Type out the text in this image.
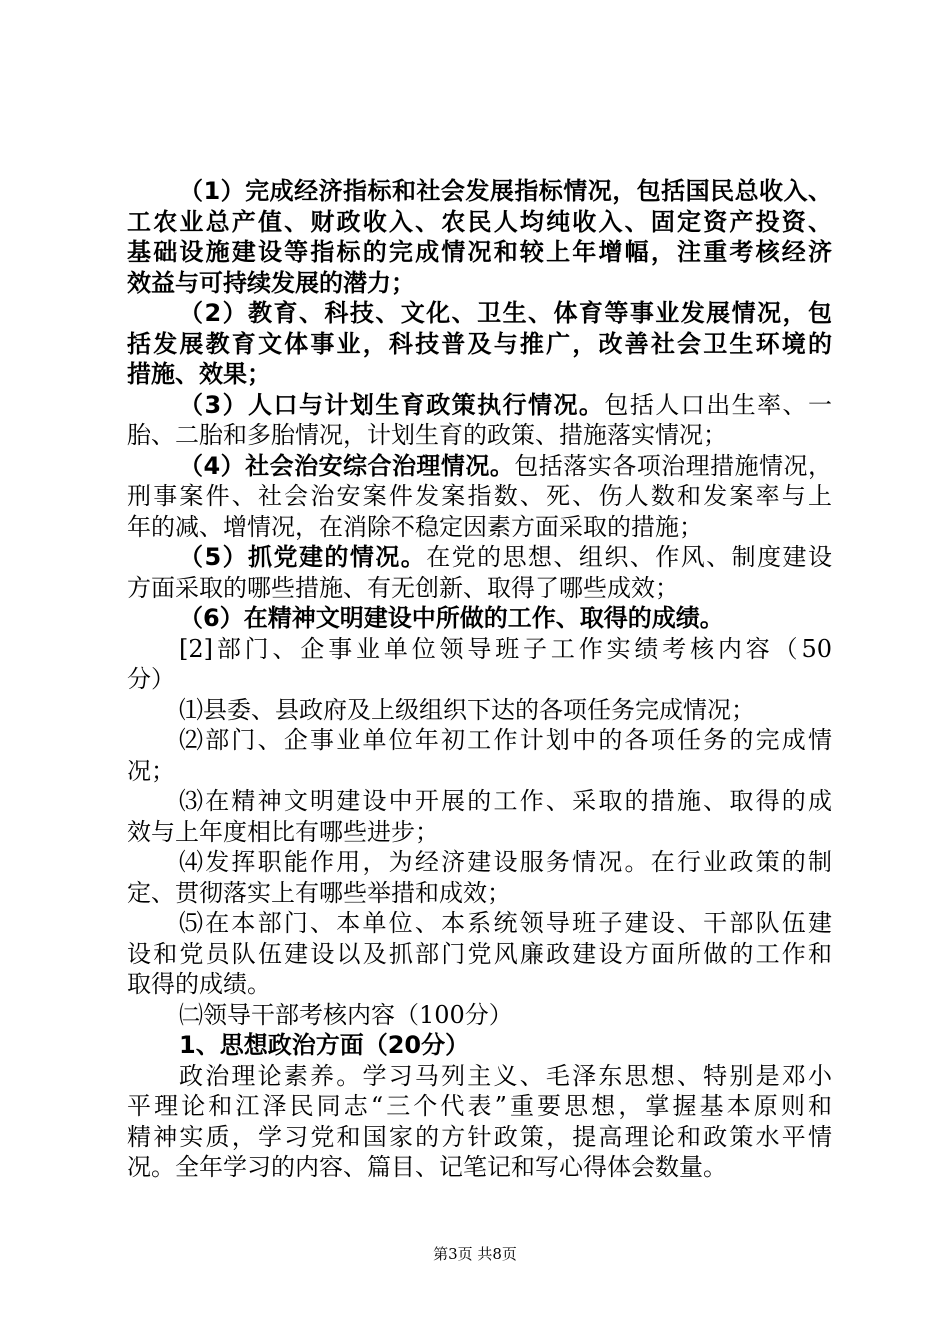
（1）完成经济指标和社会发展指标情况，包括国民总收入、
工农业总产值、财政收入、农民人均纯收入、固定资产投资、
基础设施建设等指标的完成情况和较上年增幅，注重考核经济
效益与可持续发展的潜力；
（2）教育、科技、文化、卫生、体育等事业发展情况，包
括发展教育文体事业，科技普及与推广，改善社会卫生环境的
措施、效果；
（3）人口与计划生育政策执行情况。包括人口出生率、一
胎、二胎和多胎情况，计划生育的政策、措施落实情况；
（4）社会治安综合治理情况。包括落实各项治理措施情况，
刑事案件、社会治安案件发案指数、死、伤人数和发案率与上
年的减、增情况，在消除不稳定因素方面采取的措施；
（5）抓党建的情况。在党的思想、组织、作风、制度建设
方面采取的哪些措施、有无创新、取得了哪些成效；
（6）在精神文明建设中所做的工作、取得的成绩。
[2]部门、企事业单位领导班子工作实绩考核内容（50
分）
⑴县委、县政府及上级组织下达的各项任务完成情况；
⑵部门、企事业单位年初工作计划中的各项任务的完成情
况；
⑶在精神文明建设中开展的工作、采取的措施、取得的成
效与上年度相比有哪些进步；
⑷发挥职能作用，为经济建设服务情况。在行业政策的制
定、贯彻落实上有哪些举措和成效；
⑸在本部门、本单位、本系统领导班子建设、干部队伍建
设和党员队伍建设以及抓部门党风廉政建设方面所做的工作和
取得的成绩。
㈡领导干部考核内容（100分）
1、思想政治方面（20分）
政治理论素养。学习马列主义、毛泽东思想、特别是邓小
平理论和江泽民同志“三个代表”重要思想，掌握基本原则和
精神实质，学习党和国家的方针政策，提高理论和政策水平情
况。全年学习的内容、篇目、记笔记和写心得体会数量。
第3页 共8页
